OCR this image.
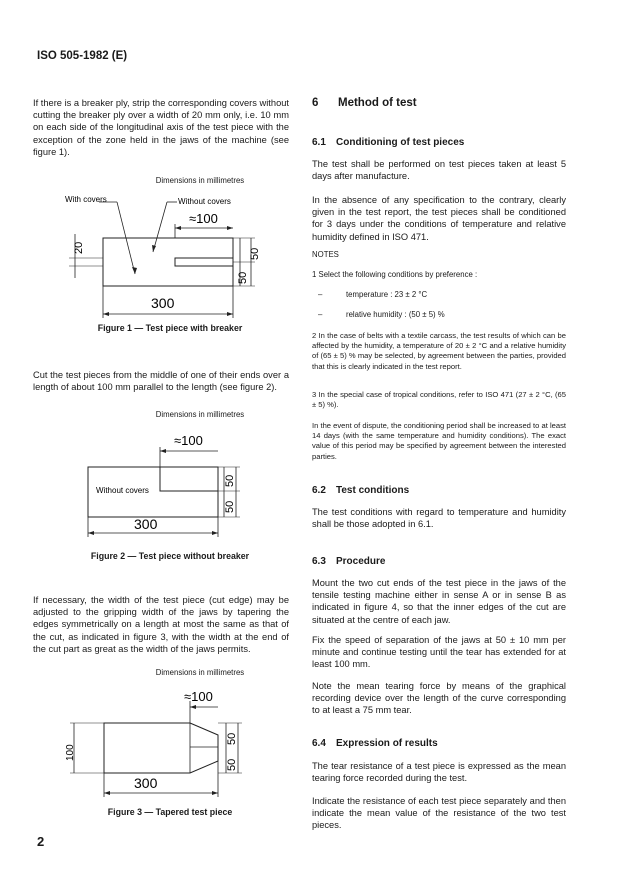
ISO 505-1982 (E)
If there is a breaker ply, strip the corresponding covers without cutting the breaker ply over a width of 20 mm only, i.e. 10 mm on each side of the longitudinal axis of the test piece with the exception of the zone held in the jaws of the machine (see figure 1).
Dimensions in millimetres
With covers	Without covers
≈100
300
20
50
50
Figure 1 — Test piece with breaker
Cut the test pieces from the middle of one of their ends over a length of about 100 mm parallel to the length (see figure 2).
Dimensions in millimetres
Without covers
≈100
300
50
50
Figure 2 — Test piece without breaker
If necessary, the width of the test piece (cut edge) may be adjusted to the gripping width of the jaws by tapering the edges symmetrically on a length at most the same as that of the cut, as indicated in figure 3, with the width at the end of the cut part as great as the width of the jaws permits.
Dimensions in millimetres
≈100
300
100
50
50
Figure 3 — Tapered test piece
6 Method of test
6.1 Conditioning of test pieces
The test shall be performed on test pieces taken at least 5 days after manufacture.
In the absence of any specification to the contrary, clearly given in the test report, the test pieces shall be conditioned for 3 days under the conditions of temperature and relative humidity defined in ISO 471.
NOTES
1 Select the following conditions by preference :
–	temperature : 23 ± 2 °C
–	relative humidity : (50 ± 5) %
2 In the case of belts with a textile carcass, the test results of which can be affected by the humidity, a temperature of 20 ± 2 °C and a relative humidity of (65 ± 5) % may be selected, by agreement between the parties, provided that this is clearly indicated in the test report.
3 In the special case of tropical conditions, refer to ISO 471 (27 ± 2 °C, (65 ± 5) %).
In the event of dispute, the conditioning period shall be increased to at least 14 days (with the same temperature and humidity conditions). The exact value of this period may be specified by agreement between the interested parties.
6.2 Test conditions
The test conditions with regard to temperature and humidity shall be those adopted in 6.1.
6.3 Procedure
Mount the two cut ends of the test piece in the jaws of the tensile testing machine either in sense A or in sense B as indicated in figure 4, so that the inner edges of the cut are situated at the centre of each jaw.
Fix the speed of separation of the jaws at 50 ± 10 mm per minute and continue testing until the tear has extended for at least 100 mm.
Note the mean tearing force by means of the graphical recording device over the length of the curve corresponding to at least a 75 mm tear.
6.4 Expression of results
The tear resistance of a test piece is expressed as the mean tearing force recorded during the test.
Indicate the resistance of each test piece separately and then indicate the mean value of the resistance of the two test pieces.
2
